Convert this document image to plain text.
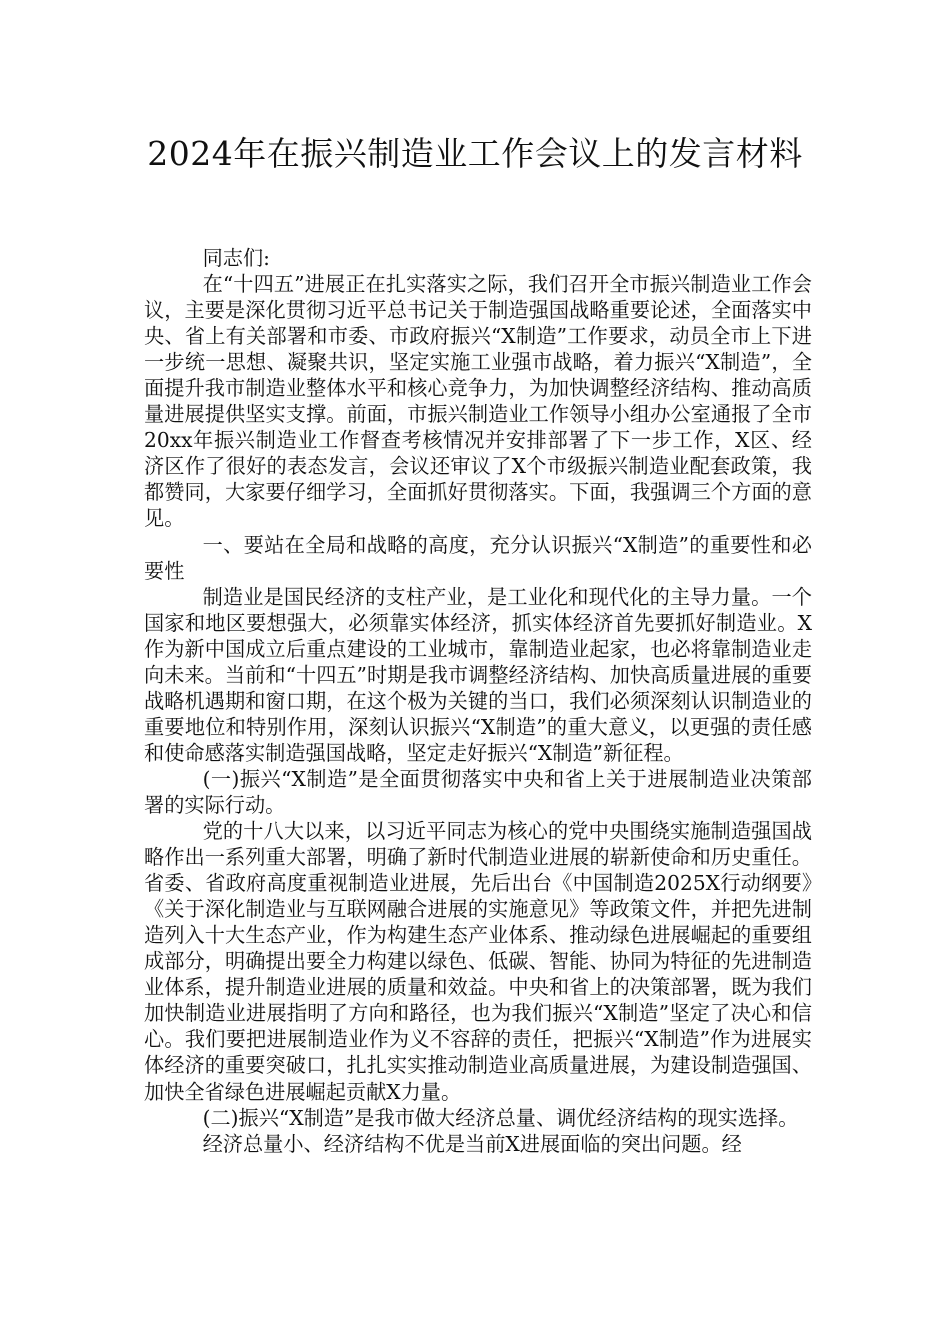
2024年在振兴制造业工作会议上的发言材料

同志们:

在“十四五”进展正在扎实落实之际，我们召开全市振兴制造业工作会议，主要是深化贯彻习近平总书记关于制造强国战略重要论述，全面落实中央、省上有关部署和市委、市政府振兴“X制造”工作要求，动员全市上下进一步统一思想、凝聚共识，坚定实施工业强市战略，着力振兴“X制造”，全面提升我市制造业整体水平和核心竞争力，为加快调整经济结构、推动高质量进展提供坚实支撑。前面，市振兴制造业工作领导小组办公室通报了全市20xx年振兴制造业工作督查考核情况并安排部署了下一步工作，X区、经济区作了很好的表态发言，会议还审议了X个市级振兴制造业配套政策，我都赞同，大家要仔细学习，全面抓好贯彻落实。下面，我强调三个方面的意见。

一、要站在全局和战略的高度，充分认识振兴“X制造”的重要性和必要性

制造业是国民经济的支柱产业，是工业化和现代化的主导力量。一个国家和地区要想强大，必须靠实体经济，抓实体经济首先要抓好制造业。X作为新中国成立后重点建设的工业城市，靠制造业起家，也必将靠制造业走向未来。当前和“十四五”时期是我市调整经济结构、加快高质量进展的重要战略机遇期和窗口期，在这个极为关键的当口，我们必须深刻认识制造业的重要地位和特别作用，深刻认识振兴“X制造”的重大意义，以更强的责任感和使命感落实制造强国战略，坚定走好振兴“X制造”新征程。

(一)振兴“X制造”是全面贯彻落实中央和省上关于进展制造业决策部署的实际行动。

党的十八大以来，以习近平同志为核心的党中央围绕实施制造强国战略作出一系列重大部署，明确了新时代制造业进展的崭新使命和历史重任。省委、省政府高度重视制造业进展，先后出台《中国制造2025X行动纲要》《关于深化制造业与互联网融合进展的实施意见》等政策文件，并把先进制造列入十大生态产业，作为构建生态产业体系、推动绿色进展崛起的重要组成部分，明确提出要全力构建以绿色、低碳、智能、协同为特征的先进制造业体系，提升制造业进展的质量和效益。中央和省上的决策部署，既为我们加快制造业进展指明了方向和路径，也为我们振兴“X制造”坚定了决心和信心。我们要把进展制造业作为义不容辞的责任，把振兴“X制造”作为进展实体经济的重要突破口，扎扎实实推动制造业高质量进展，为建设制造强国、加快全省绿色进展崛起贡献X力量。

(二)振兴“X制造”是我市做大经济总量、调优经济结构的现实选择。

经济总量小、经济结构不优是当前X进展面临的突出问题。经
